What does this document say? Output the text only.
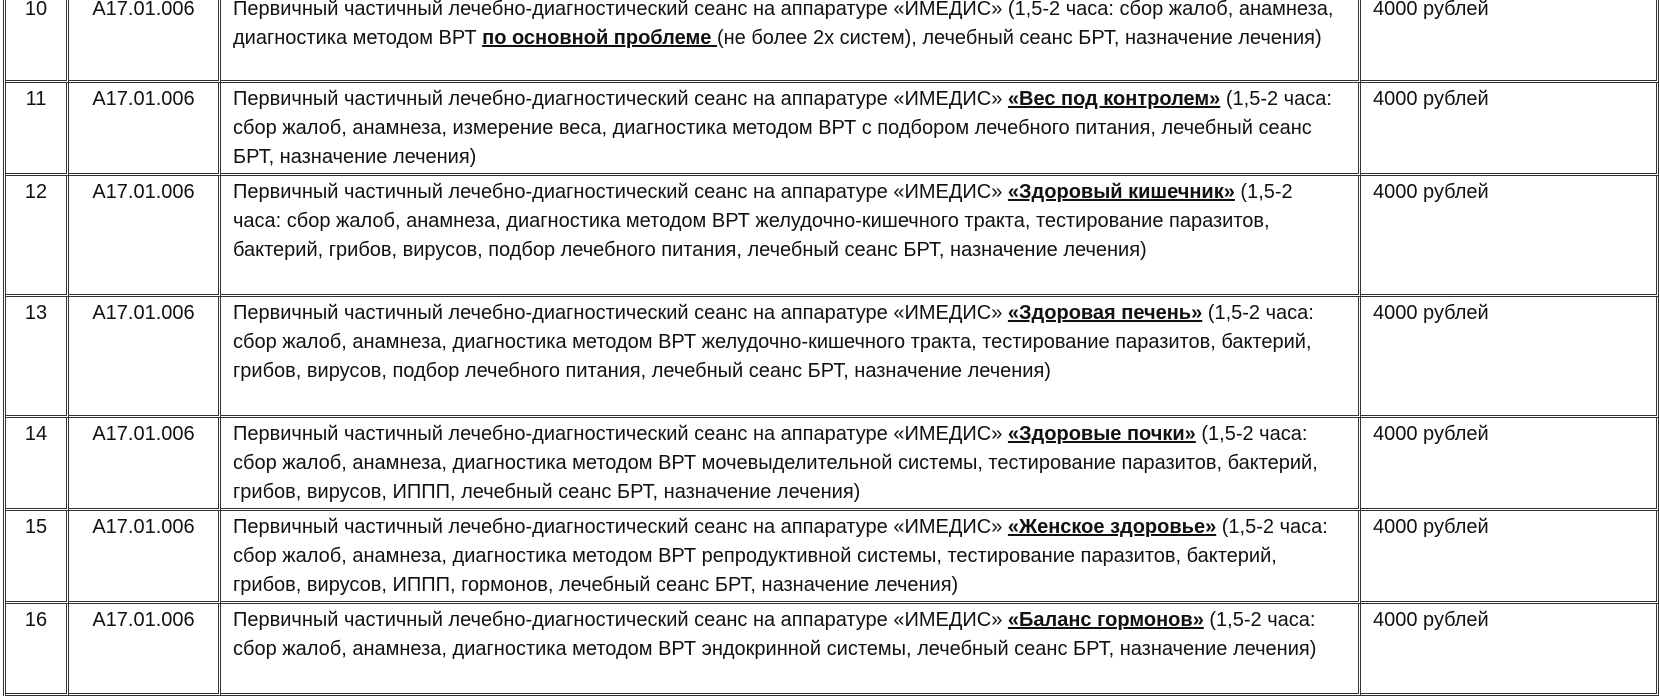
10	А17.01.006	Первичный частичный лечебно-диагностический сеанс на аппаратуре «ИМЕДИС» (1,5-2 часа: сбор жалоб, анамнеза, диагностика методом ВРТ по основной проблеме (не более 2х систем), лечебный сеанс БРТ, назначение лечения)	4000 рублей
11	А17.01.006	Первичный частичный лечебно-диагностический сеанс на аппаратуре «ИМЕДИС» «Вес под контролем» (1,5-2 часа: сбор жалоб, анамнеза, измерение веса, диагностика методом ВРТ с подбором лечебного питания, лечебный сеанс БРТ, назначение лечения)	4000 рублей
12	А17.01.006	Первичный частичный лечебно-диагностический сеанс на аппаратуре «ИМЕДИС» «Здоровый кишечник» (1,5-2 часа: сбор жалоб, анамнеза, диагностика методом ВРТ желудочно-кишечного тракта, тестирование паразитов, бактерий, грибов, вирусов, подбор лечебного питания, лечебный сеанс БРТ, назначение лечения)	4000 рублей
13	А17.01.006	Первичный частичный лечебно-диагностический сеанс на аппаратуре «ИМЕДИС» «Здоровая печень» (1,5-2 часа: сбор жалоб, анамнеза, диагностика методом ВРТ желудочно-кишечного тракта, тестирование паразитов, бактерий, грибов, вирусов, подбор лечебного питания, лечебный сеанс БРТ, назначение лечения)	4000 рублей
14	А17.01.006	Первичный частичный лечебно-диагностический сеанс на аппаратуре «ИМЕДИС» «Здоровые почки» (1,5-2 часа: сбор жалоб, анамнеза, диагностика методом ВРТ мочевыделительной системы, тестирование паразитов, бактерий, грибов, вирусов, ИППП, лечебный сеанс БРТ, назначение лечения)	4000 рублей
15	А17.01.006	Первичный частичный лечебно-диагностический сеанс на аппаратуре «ИМЕДИС» «Женское здоровье» (1,5-2 часа: сбор жалоб, анамнеза, диагностика методом ВРТ репродуктивной системы, тестирование паразитов, бактерий, грибов, вирусов, ИППП, гормонов, лечебный сеанс БРТ, назначение лечения)	4000 рублей
16	А17.01.006	Первичный частичный лечебно-диагностический сеанс на аппаратуре «ИМЕДИС» «Баланс гормонов» (1,5-2 часа: сбор жалоб, анамнеза, диагностика методом ВРТ эндокринной системы, лечебный сеанс БРТ, назначение лечения)	4000 рублей
